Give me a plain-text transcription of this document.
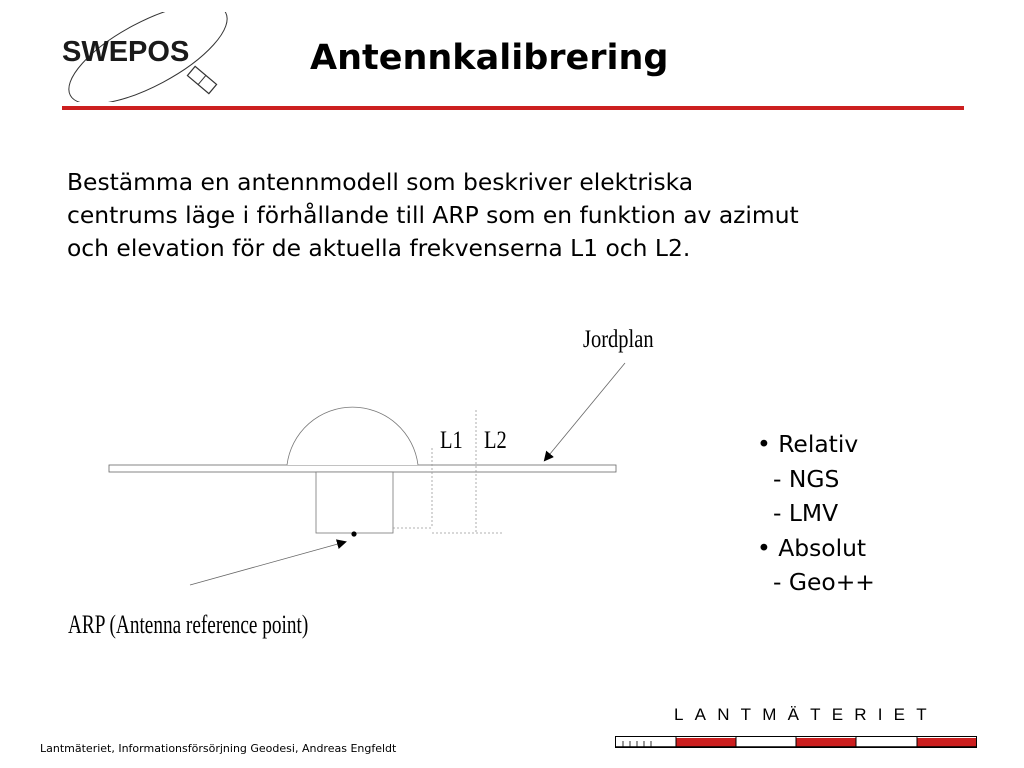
SWEPOS	Antennkalibrering
Bestämma en antennmodell som beskriver elektriska
centrums läge i förhållande till ARP som en funktion av azimut
och elevation för de aktuella frekvenserna L1 och L2.
Jordplan
L1 L2
ARP (Antenna reference point)
• Relativ
- NGS
- LMV
• Absolut
- Geo++
Lantmäteriet, Informationsförsörjning Geodesi, Andreas Engfeldt
LANTMÄTERIET
